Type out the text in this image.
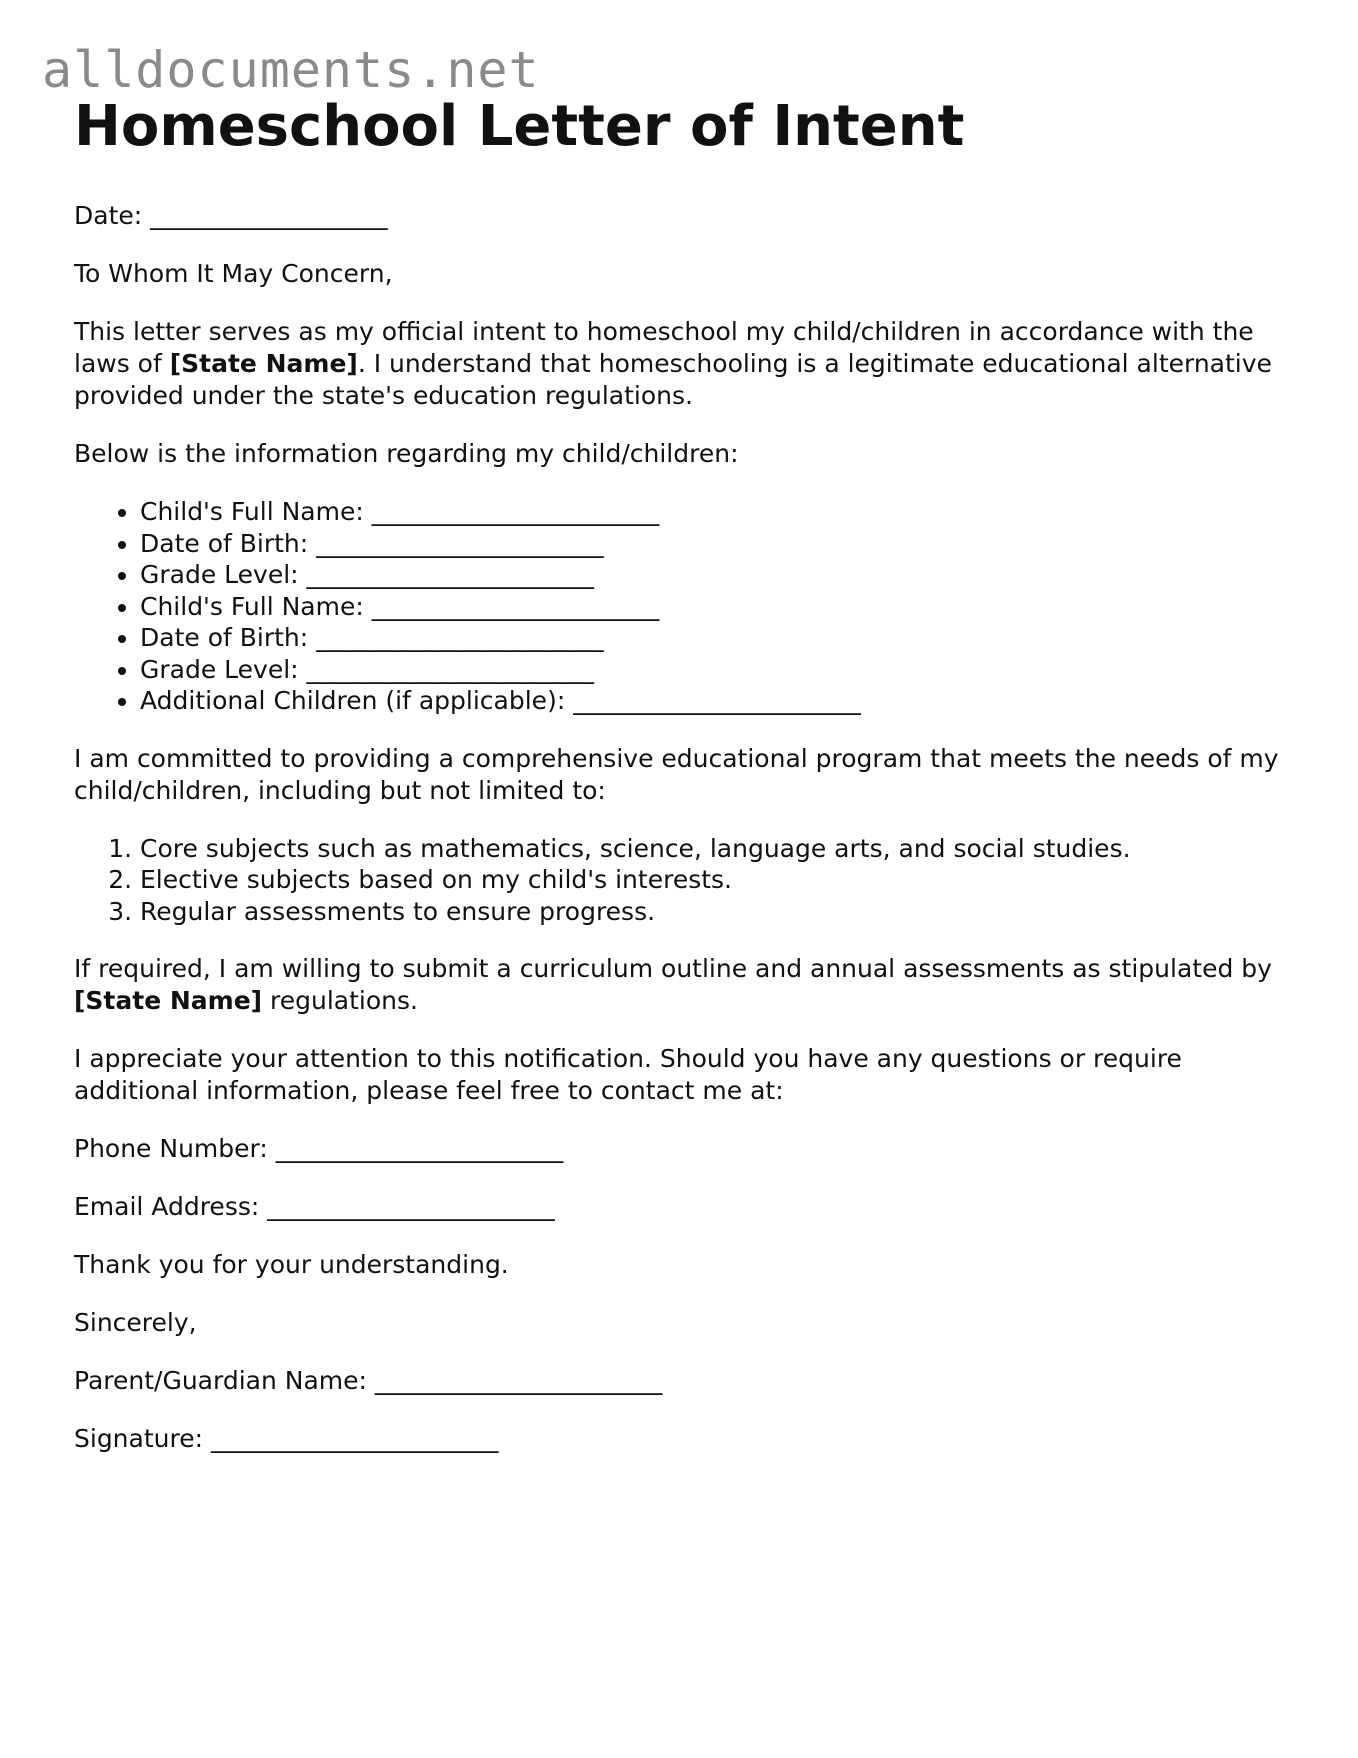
alldocuments.net
Homeschool Letter of Intent

Date: ___________________

To Whom It May Concern,

This letter serves as my official intent to homeschool my child/children in accordance with the laws of [State Name]. I understand that homeschooling is a legitimate educational alternative provided under the state's education regulations.

Below is the information regarding my child/children:

• Child's Full Name: _______________________
• Date of Birth: _______________________
• Grade Level: _______________________
• Child's Full Name: _______________________
• Date of Birth: _______________________
• Grade Level: _______________________
• Additional Children (if applicable): _______________________

I am committed to providing a comprehensive educational program that meets the needs of my child/children, including but not limited to:

1. Core subjects such as mathematics, science, language arts, and social studies.
2. Elective subjects based on my child's interests.
3. Regular assessments to ensure progress.

If required, I am willing to submit a curriculum outline and annual assessments as stipulated by [State Name] regulations.

I appreciate your attention to this notification. Should you have any questions or require additional information, please feel free to contact me at:

Phone Number: _______________________

Email Address: _______________________

Thank you for your understanding.

Sincerely,

Parent/Guardian Name: _______________________

Signature: _______________________
